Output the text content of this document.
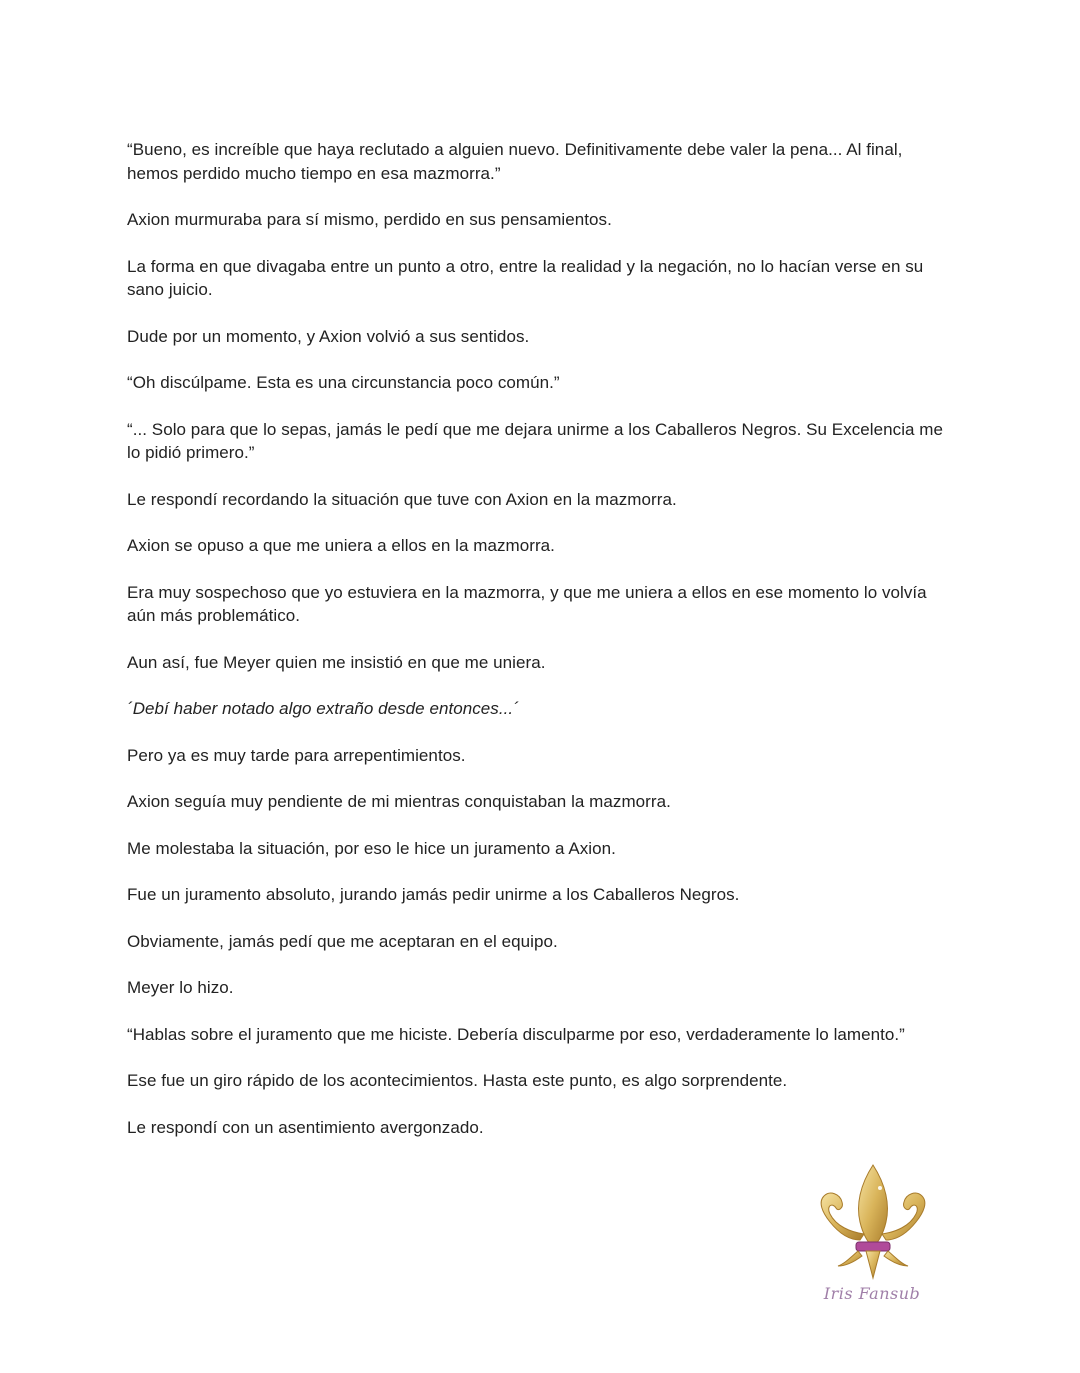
“Bueno, es increíble que haya reclutado a alguien nuevo. Definitivamente debe valer la pena... Al final, hemos perdido mucho tiempo en esa mazmorra.”

Axion murmuraba para sí mismo, perdido en sus pensamientos.

La forma en que divagaba entre un punto a otro, entre la realidad y la negación, no lo hacían verse en su sano juicio.

Dude por un momento, y Axion volvió a sus sentidos.

“Oh discúlpame. Esta es una circunstancia poco común.”

“... Solo para que lo sepas, jamás le pedí que me dejara unirme a los Caballeros Negros. Su Excelencia me lo pidió primero.”

Le respondí recordando la situación que tuve con Axion en la mazmorra.

Axion se opuso a que me uniera a ellos en la mazmorra.

Era muy sospechoso que yo estuviera en la mazmorra, y que me uniera a ellos en ese momento lo volvía aún más problemático.

Aun así, fue Meyer quien me insistió en que me uniera.

´Debí haber notado algo extraño desde entonces...´

Pero ya es muy tarde para arrepentimientos.

Axion seguía muy pendiente de mi mientras conquistaban la mazmorra.

Me molestaba la situación, por eso le hice un juramento a Axion.

Fue un juramento absoluto, jurando jamás pedir unirme a los Caballeros Negros.

Obviamente, jamás pedí que me aceptaran en el equipo.

Meyer lo hizo.

“Hablas sobre el juramento que me hiciste. Debería disculparme por eso, verdaderamente lo lamento.”

Ese fue un giro rápido de los acontecimientos. Hasta este punto, es algo sorprendente.

Le respondí con un asentimiento avergonzado.

Iris Fansub
